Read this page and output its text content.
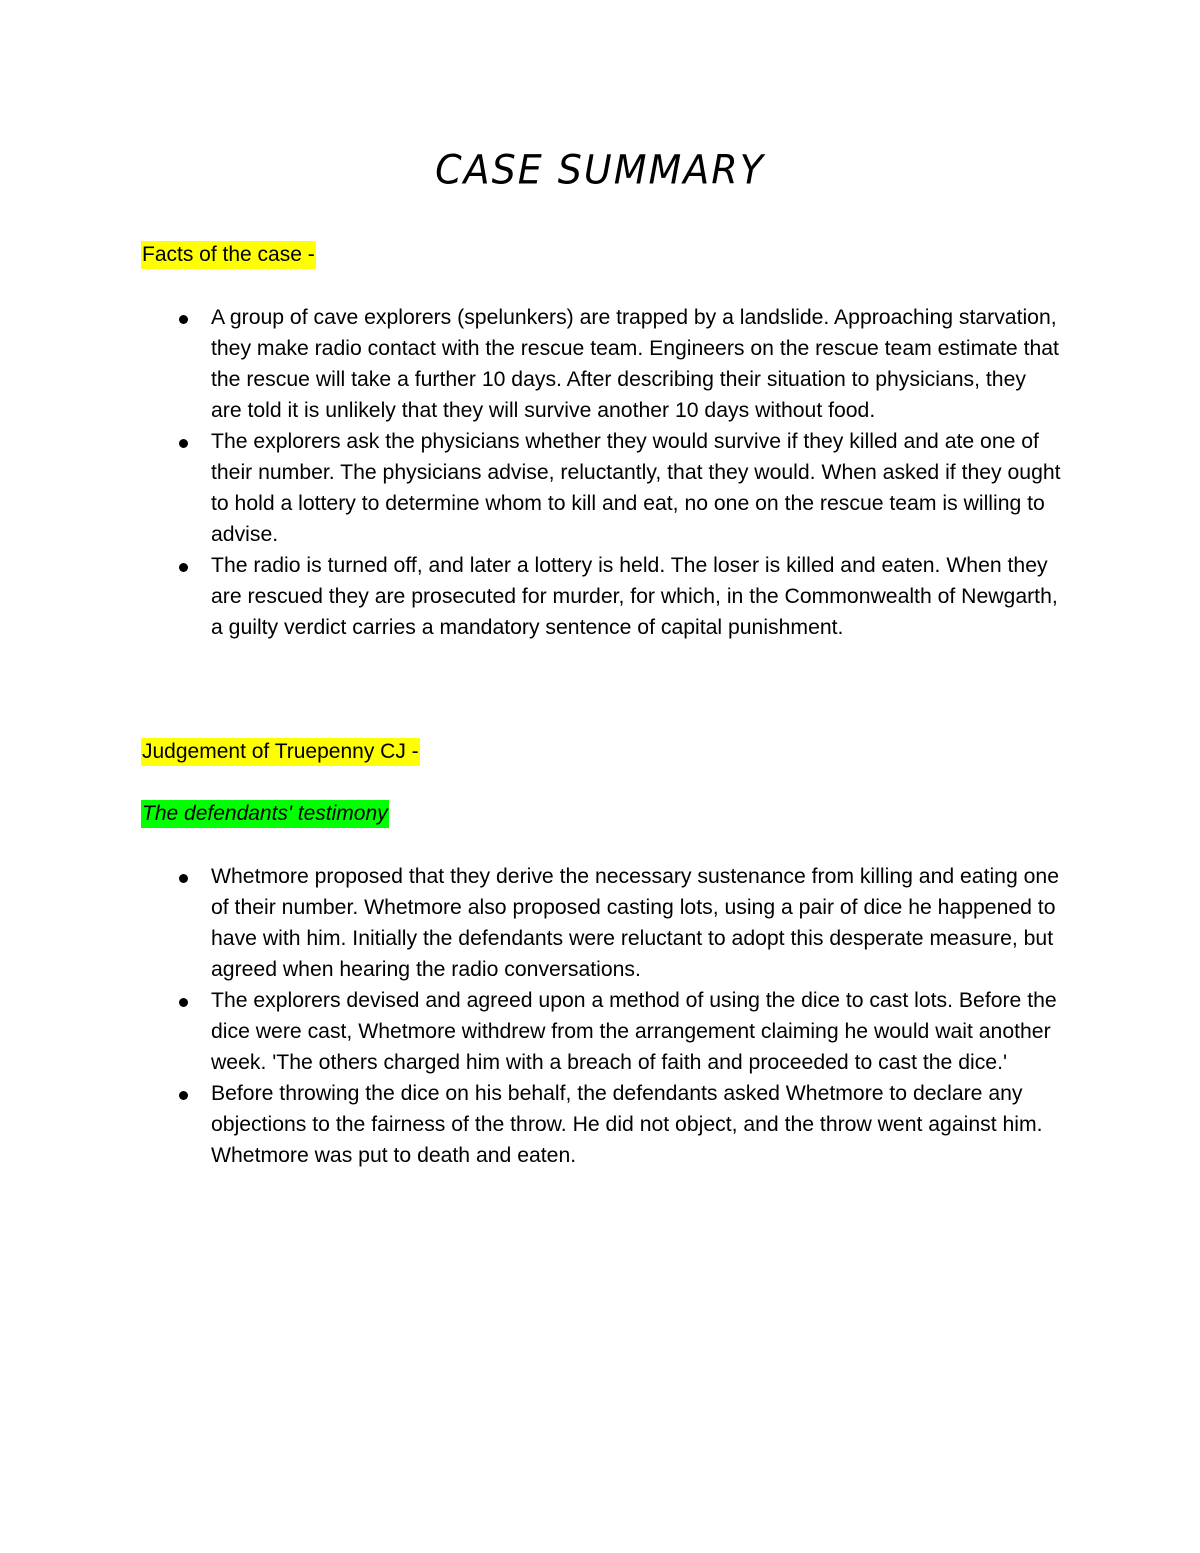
CASE SUMMARY
Facts of the case -
A group of cave explorers (spelunkers) are trapped by a landslide. Approaching starvation, they make radio contact with the rescue team. Engineers on the rescue team estimate that the rescue will take a further 10 days. After describing their situation to physicians, they are told it is unlikely that they will survive another 10 days without food.
The explorers ask the physicians whether they would survive if they killed and ate one of their number. The physicians advise, reluctantly, that they would. When asked if they ought to hold a lottery to determine whom to kill and eat, no one on the rescue team is willing to advise.
The radio is turned off, and later a lottery is held. The loser is killed and eaten. When they are rescued they are prosecuted for murder, for which, in the Commonwealth of Newgarth, a guilty verdict carries a mandatory sentence of capital punishment.
Judgement of Truepenny CJ -
The defendants' testimony
Whetmore proposed that they derive the necessary sustenance from killing and eating one of their number. Whetmore also proposed casting lots, using a pair of dice he happened to have with him. Initially the defendants were reluctant to adopt this desperate measure, but agreed when hearing the radio conversations.
The explorers devised and agreed upon a method of using the dice to cast lots. Before the dice were cast, Whetmore withdrew from the arrangement claiming he would wait another week. 'The others charged him with a breach of faith and proceeded to cast the dice.'
Before throwing the dice on his behalf, the defendants asked Whetmore to declare any objections to the fairness of the throw. He did not object, and the throw went against him. Whetmore was put to death and eaten.
